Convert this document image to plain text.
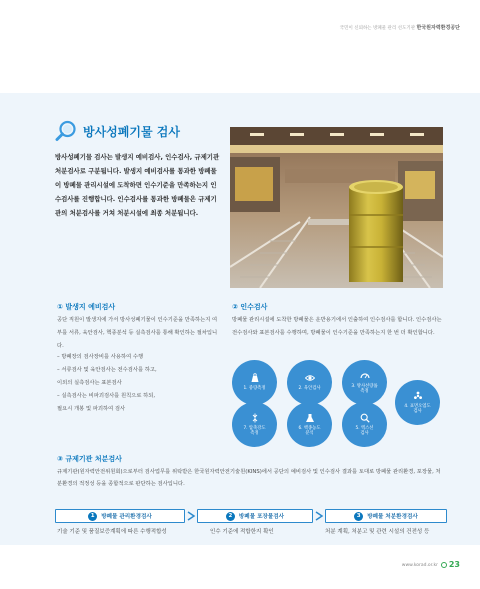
국민이 신뢰하는 방폐물 관리 선도기관 한국원자력환경공단
방사성폐기물 검사
방사성폐기물 검사는 발생지 예비검사, 인수검사, 규제기관 처분검사로 구분됩니다. 발생지 예비검사를 통과한 방폐물이 방폐물 관리시설에 도착하면 인수기준을 만족하는지 인수검사를 진행합니다. 인수검사를 통과한 방폐물은 규제기관의 처분검사를 거쳐 처분시설에 최종 처분됩니다.
① 발생지 예비검사
공단 직원이 발생지에 가서 방사성폐기물이 인수기준을 만족하는지 여부를 서류, 육안검사, 핵종분석 등 실측검사를 통해 확인하는 절차입니다.
– 방폐장의 검사장비를 사용하여 수행
– 서류검사 및 육안검사는 전수검사를 하고,
이외의 실측검사는 표본검사
– 실측검사는 비파괴검사를 원칙으로 하되,
필요시 개봉 및 파괴하여 검사
② 인수검사
방폐물 관리시설에 도착한 방폐물은 운반용기에서 인출하여 인수검사를 합니다. 인수검사는 전수검사와 표본검사를 수행하며, 방폐물이 인수기준을 만족하는지 한 번 더 확인합니다.
1. 중량측정	2. 육안검사
3. 방사선량률
측정
4. 표면오염도
검사
7. 압축강도
측정
6. 핵종농도
분석
5. 엑스선
검사
③ 규제기관 처분검사
규제기관(원자력안전위원회)으로부터 검사업무를 위탁받은 한국원자력안전기술원(KINS)에서 공단의 예비검사 및 인수검사 결과를 토대로 방폐물 관리환경, 포장물, 처분환경의 적정성 등을 종합적으로 판단하는 검사입니다.
1	방폐물 관리환경검사	2	방폐물 포장물검사	3	방폐물 처분환경검사
기술 기준 및 품질보증계획에 따른 수행적합성	인수 기준에 적합한지 확인	처분 계획, 처분고 및 관련 시설의 건전성 등
www.korad.or.kr 23
